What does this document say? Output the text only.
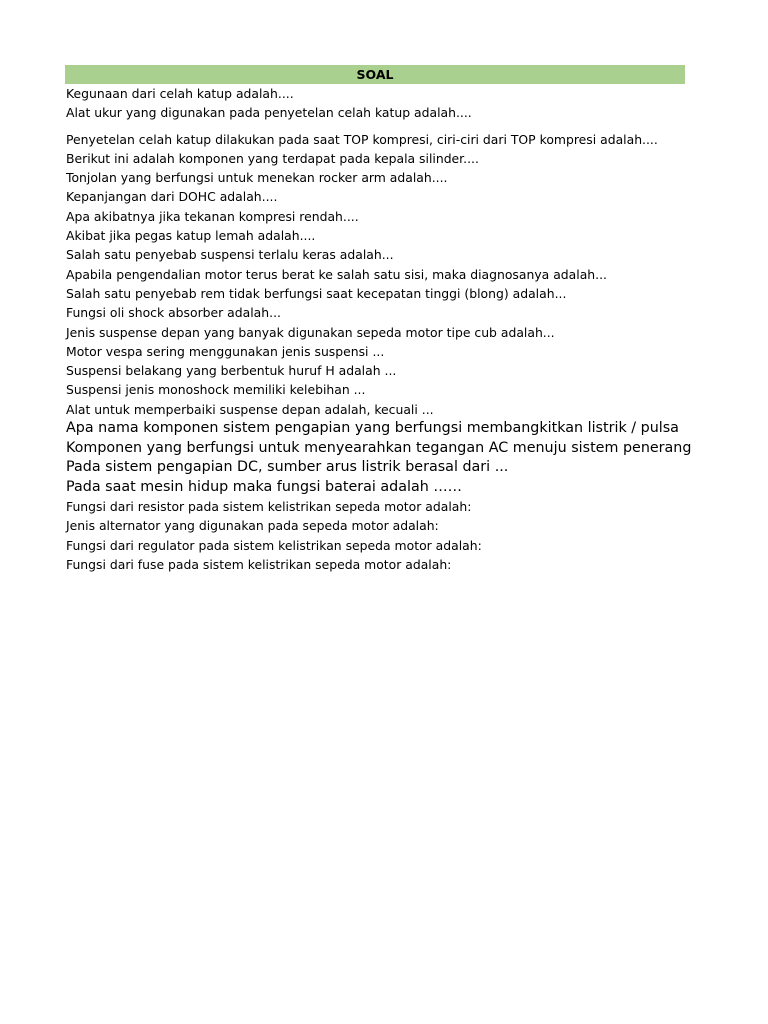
SOAL
Kegunaan dari celah katup adalah....
Alat ukur yang digunakan pada penyetelan celah katup adalah....
Penyetelan celah katup dilakukan pada saat TOP kompresi, ciri-ciri dari TOP kompresi adalah....
Berikut ini adalah komponen yang terdapat pada kepala silinder....
Tonjolan yang berfungsi untuk menekan rocker arm adalah....
Kepanjangan dari DOHC adalah....
Apa akibatnya jika tekanan kompresi rendah....
Akibat jika pegas katup lemah adalah....
Salah satu penyebab suspensi terlalu keras adalah...
Apabila pengendalian motor terus berat ke salah satu sisi, maka diagnosanya adalah...
Salah satu penyebab rem tidak berfungsi saat kecepatan tinggi (blong) adalah...
Fungsi oli shock absorber adalah...
Jenis suspense depan yang banyak digunakan sepeda motor tipe cub adalah...
Motor vespa sering menggunakan jenis suspensi ...
Suspensi belakang yang berbentuk huruf H adalah ...
Suspensi jenis monoshock memiliki kelebihan ...
Alat untuk memperbaiki suspense depan adalah, kecuali ...
Apa nama komponen sistem pengapian yang berfungsi membangkitkan listrik / pulsa
Komponen yang berfungsi untuk menyearahkan tegangan AC menuju sistem penerang
Pada sistem pengapian DC, sumber arus listrik berasal dari ...
Pada saat mesin hidup maka fungsi baterai adalah ……
Fungsi dari resistor pada sistem kelistrikan sepeda motor adalah:
Jenis alternator yang digunakan pada sepeda motor adalah:
Fungsi dari regulator pada sistem kelistrikan sepeda motor adalah:
Fungsi dari fuse pada sistem kelistrikan sepeda motor adalah:
